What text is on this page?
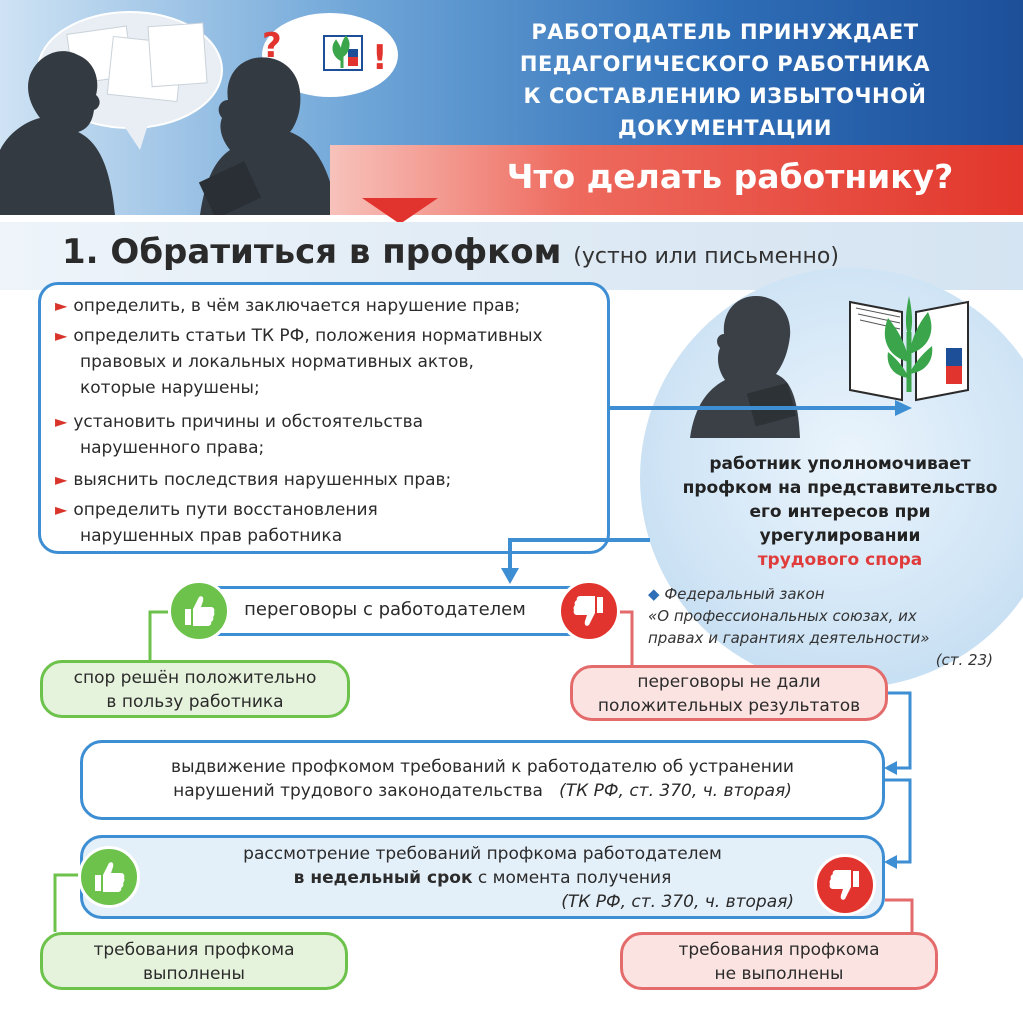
?	!
РАБОТОДАТЕЛЬ ПРИНУЖДАЕТ
ПЕДАГОГИЧЕСКОГО РАБОТНИКА
К СОСТАВЛЕНИЮ ИЗБЫТОЧНОЙ ДОКУМЕНТАЦИИ
Что делать работнику?
1. Обратиться в профком (устно или письменно)
► определить, в чём заключается нарушение прав;
► определить статьи ТК РФ, положения нормативных
правовых и локальных нормативных актов,
которые нарушены;
► установить причины и обстоятельства
нарушенного права;
► выяснить последствия нарушенных прав;
► определить пути восстановления
нарушенных прав работника
работник уполномочивает
профком на представительство
его интересов при
урегулировании
трудового спора
◆ Федеральный закон
«О профессиональных союзах, их
правах и гарантиях деятельности»
(ст. 23)
переговоры с работодателем
спор решён положительно
в пользу работника
переговоры не дали
положительных результатов
выдвижение профкомом требований к работодателю об устранении
нарушений трудового законодательства (ТК РФ, ст. 370, ч. вторая)
рассмотрение требований профкома работодателем
в недельный срок с момента получения
(ТК РФ, ст. 370, ч. вторая)
требования профкома
выполнены
требования профкома
не выполнены
